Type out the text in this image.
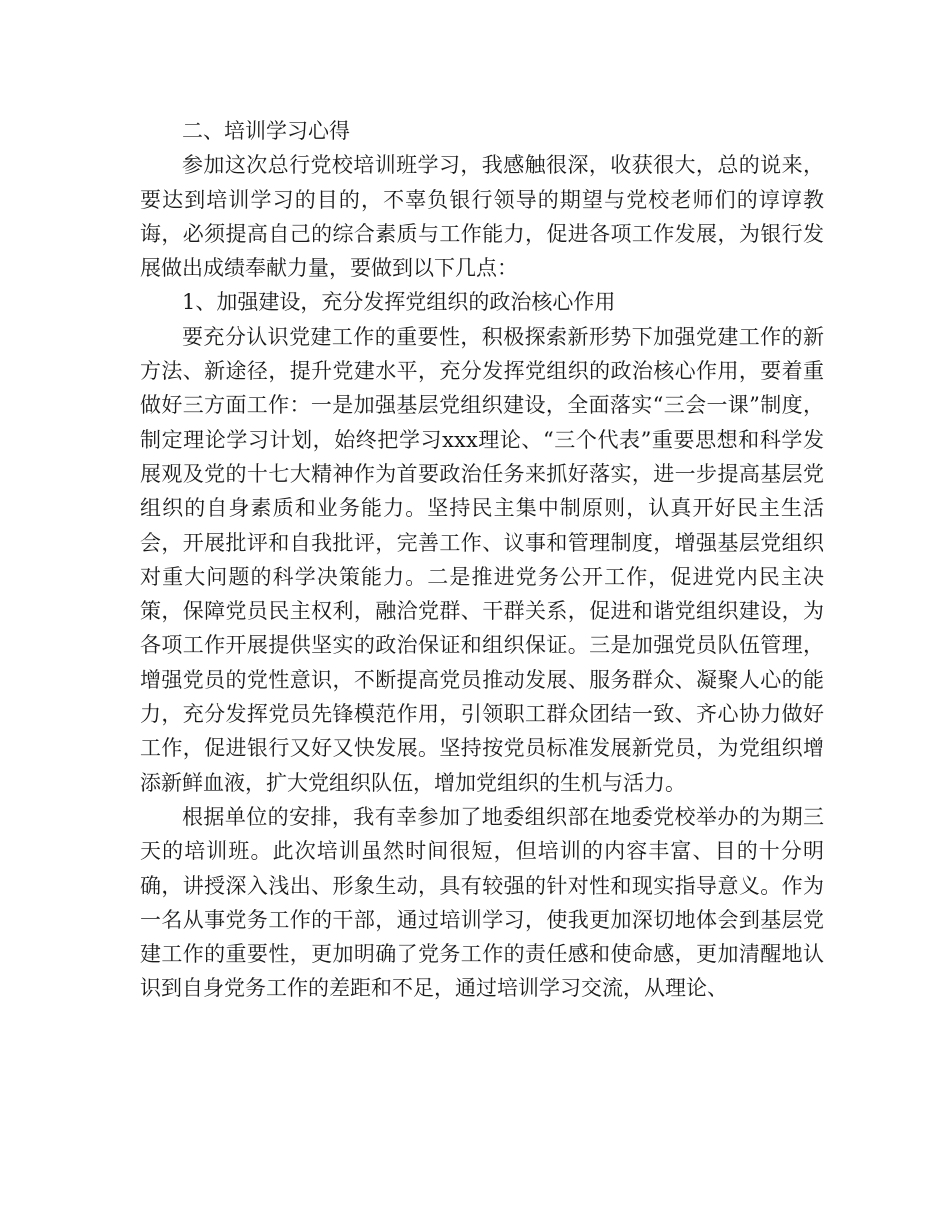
二、培训学习心得

参加这次总行党校培训班学习，我感触很深，收获很大，总的说来，要达到培训学习的目的，不辜负银行领导的期望与党校老师们的谆谆教诲，必须提高自己的综合素质与工作能力，促进各项工作发展，为银行发展做出成绩奉献力量，要做到以下几点：

1、加强建设，充分发挥党组织的政治核心作用

要充分认识党建工作的重要性，积极探索新形势下加强党建工作的新方法、新途径，提升党建水平，充分发挥党组织的政治核心作用，要着重做好三方面工作：一是加强基层党组织建设，全面落实“三会一课”制度，制定理论学习计划，始终把学习xxx理论、“三个代表”重要思想和科学发展观及党的十七大精神作为首要政治任务来抓好落实，进一步提高基层党组织的自身素质和业务能力。坚持民主集中制原则，认真开好民主生活会，开展批评和自我批评，完善工作、议事和管理制度，增强基层党组织对重大问题的科学决策能力。二是推进党务公开工作，促进党内民主决策，保障党员民主权利，融洽党群、干群关系，促进和谐党组织建设，为各项工作开展提供坚实的政治保证和组织保证。三是加强党员队伍管理，增强党员的党性意识，不断提高党员推动发展、服务群众、凝聚人心的能力，充分发挥党员先锋模范作用，引领职工群众团结一致、齐心协力做好工作，促进银行又好又快发展。坚持按党员标准发展新党员，为党组织增添新鲜血液，扩大党组织队伍，增加党组织的生机与活力。

根据单位的安排，我有幸参加了地委组织部在地委党校举办的为期三天的培训班。此次培训虽然时间很短，但培训的内容丰富、目的十分明确，讲授深入浅出、形象生动，具有较强的针对性和现实指导意义。作为一名从事党务工作的干部，通过培训学习，使我更加深切地体会到基层党建工作的重要性，更加明确了党务工作的责任感和使命感，更加清醒地认识到自身党务工作的差距和不足，通过培训学习交流，从理论、
